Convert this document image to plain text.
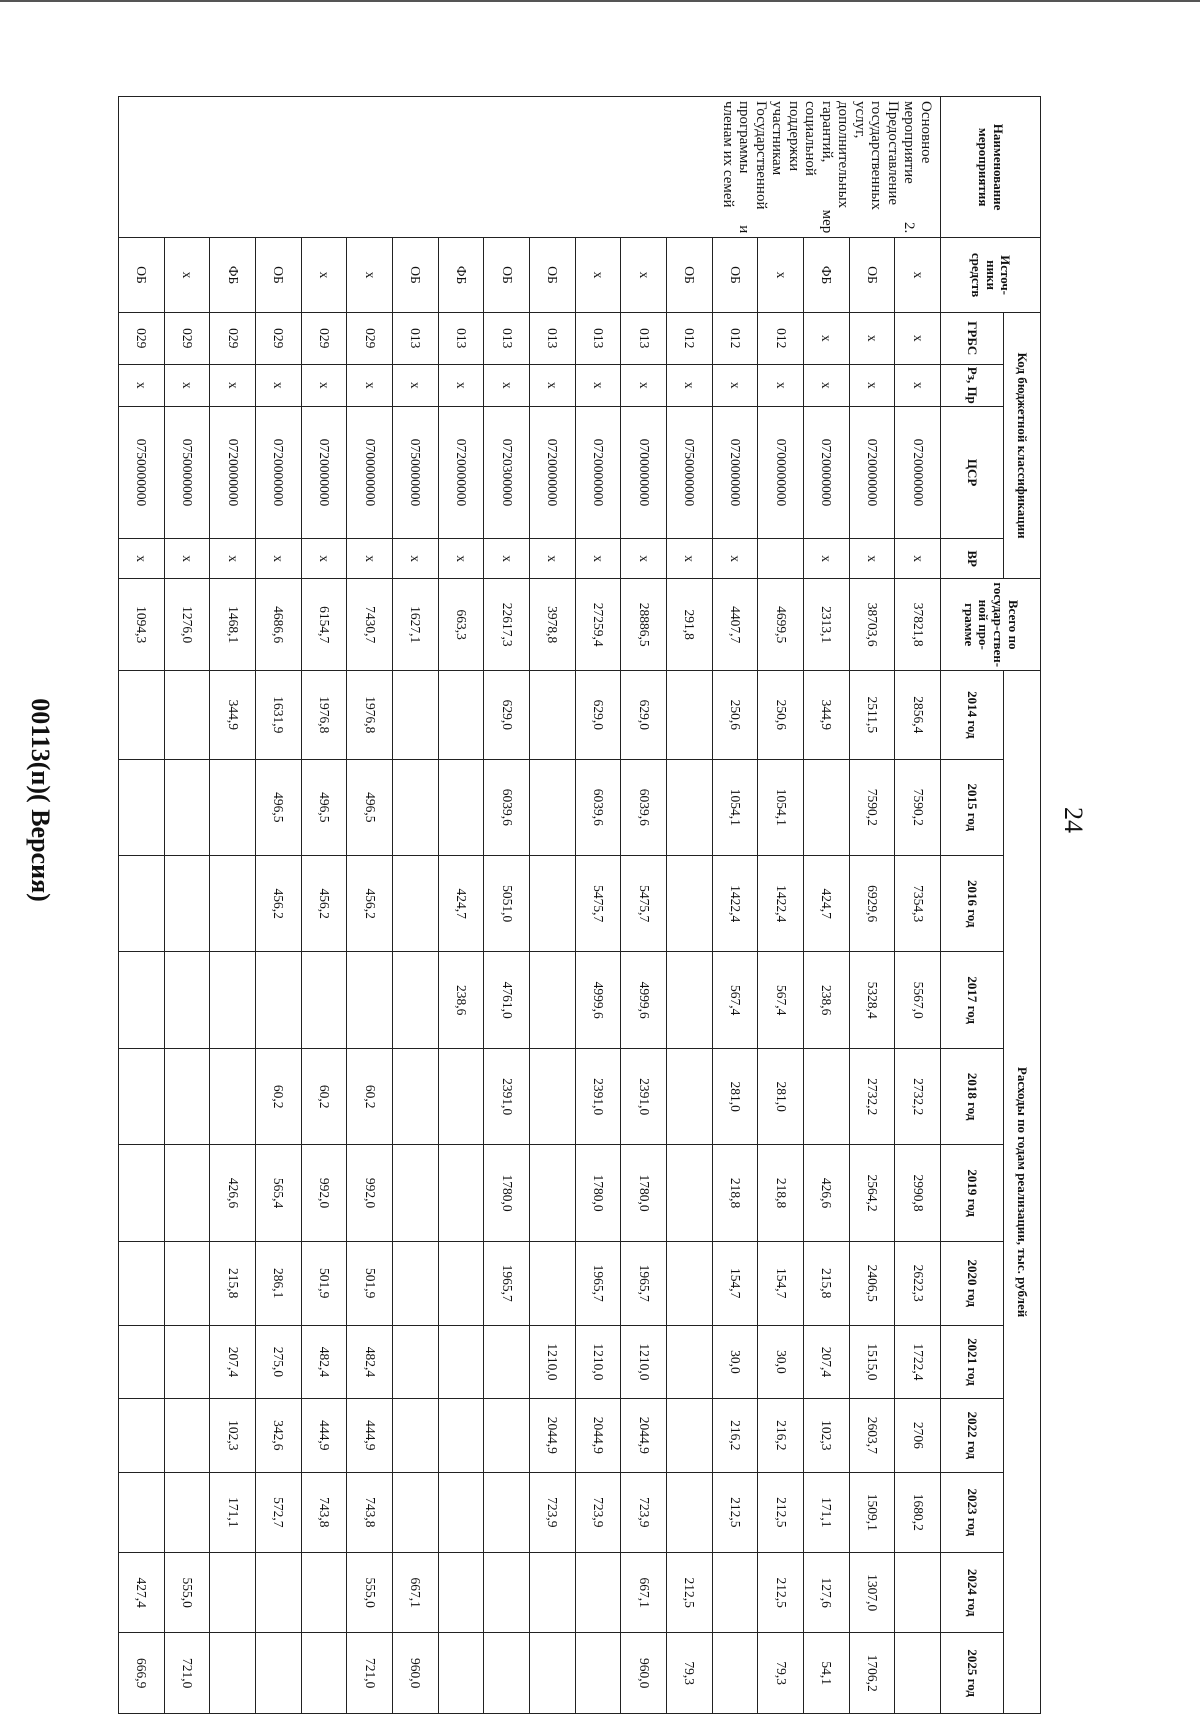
24
00113(п)( Версия)
Наименование мероприятия	Источ-ники средств	Код бюджетной классификации				Всего по государ-ствен-ной про-грамме	Расходы по годам реализации, тыс. рублей											
		ГРБС	Рз, Пр	ЦСР	ВР		2014 год	2015 год	2016 год	2017 год	2018 год	2019 год	2020 год	2021 год	2022 год	2023 год	2024 год	2025 год
Основное мероприятие 2. Предоставление государственных услуг, дополнительных гарантий, мер социальной поддержки участникам Государственной программы и членам их семей	х	х	х	0720000000	х	37821,8	2856,4	7590,2	7354,3	5567,0	2732,2	2990,8	2622,3	1722,4	2706	1680,2		
	ОБ	х	х	0720000000	х	38703,6	2511,5	7590,2	6929,6	5328,4	2732,2	2564,2	2406,5	1515,0	2603,7	1509,1	1307,0	1706,2
	ФБ	х	х	0720000000	х	2313,1	344,9		424,7	238,6		426,6	215,8	207,4	102,3	171,1	127,6	54,1
	х	012	х	0700000000		4699,5	250,6	1054,1	1422,4	567,4	281,0	218,8	154,7	30,0	216,2	212,5	212,5	79,3
	ОБ	012	х	0720000000	х	4407,7	250,6	1054,1	1422,4	567,4	281,0	218,8	154,7	30,0	216,2	212,5		
	ОБ	012	х	0750000000	х	291,8											212,5	79,3
	х	013	х	0700000000	х	28886,5	629,0	6039,6	5475,7	4999,6	2391,0	1780,0	1965,7	1210,0	2044,9	723,9	667,1	960,0
	х	013	х	0720000000	х	27259,4	629,0	6039,6	5475,7	4999,6	2391,0	1780,0	1965,7	1210,0	2044,9	723,9		
	ОБ	013	х	0720000000	х	3978,8								1210,0	2044,9	723,9		
	ОБ	013	х	0720300000	х	22617,3	629,0	6039,6	5051,0	4761,0	2391,0	1780,0	1965,7					
	ФБ	013	х	0720000000	х	663,3			424,7	238,6								
	ОБ	013	х	0750000000	х	1627,1											667,1	960,0
	х	029	х	0700000000	х	7430,7	1976,8	496,5	456,2		60,2	992,0	501,9	482,4	444,9	743,8	555,0	721,0
	х	029	х	0720000000	х	6154,7	1976,8	496,5	456,2		60,2	992,0	501,9	482,4	444,9	743,8		
	ОБ	029	х	0720000000	х	4686,6	1631,9	496,5	456,2		60,2	565,4	286,1	275,0	342,6	572,7		
	ФБ	029	х	0720000000	х	1468,1	344,9					426,6	215,8	207,4	102,3	171,1		
	х	029	х	0750000000	х	1276,0											555,0	721,0
	ОБ	029	х	0750000000	х	1094,3											427,4	666,9
